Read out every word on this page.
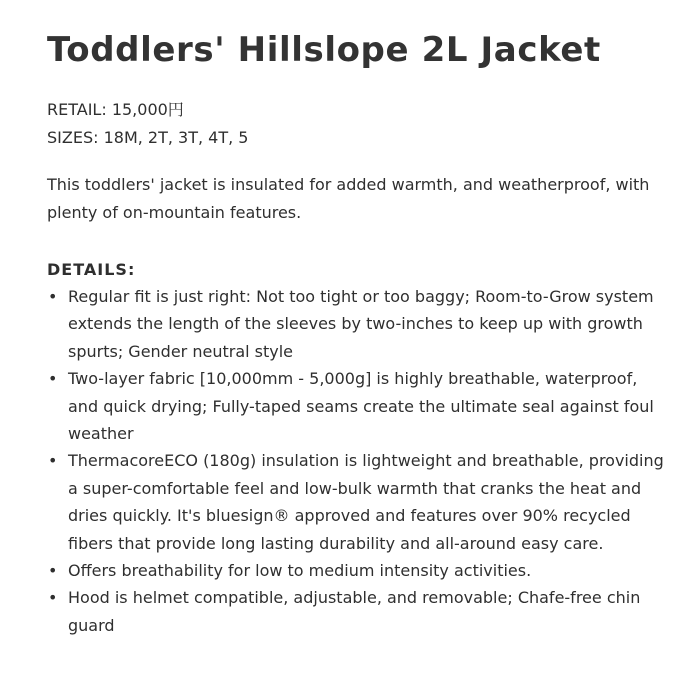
Toddlers' Hillslope 2L Jacket
RETAIL: 15,000円
SIZES: 18M, 2T, 3T, 4T, 5

This toddlers' jacket is insulated for added warmth, and weatherproof, with plenty of on-mountain features.

DETAILS:
• Regular fit is just right: Not too tight or too baggy; Room-to-Grow system extends the length of the sleeves by two-inches to keep up with growth spurts; Gender neutral style
• Two-layer fabric [10,000mm - 5,000g] is highly breathable, waterproof, and quick drying; Fully-taped seams create the ultimate seal against foul weather
• ThermacoreECO (180g) insulation is lightweight and breathable, providing a super-comfortable feel and low-bulk warmth that cranks the heat and dries quickly. It's bluesign® approved and features over 90% recycled fibers that provide long lasting durability and all-around easy care.
• Offers breathability for low to medium intensity activities.
• Hood is helmet compatible, adjustable, and removable; Chafe-free chin guard
